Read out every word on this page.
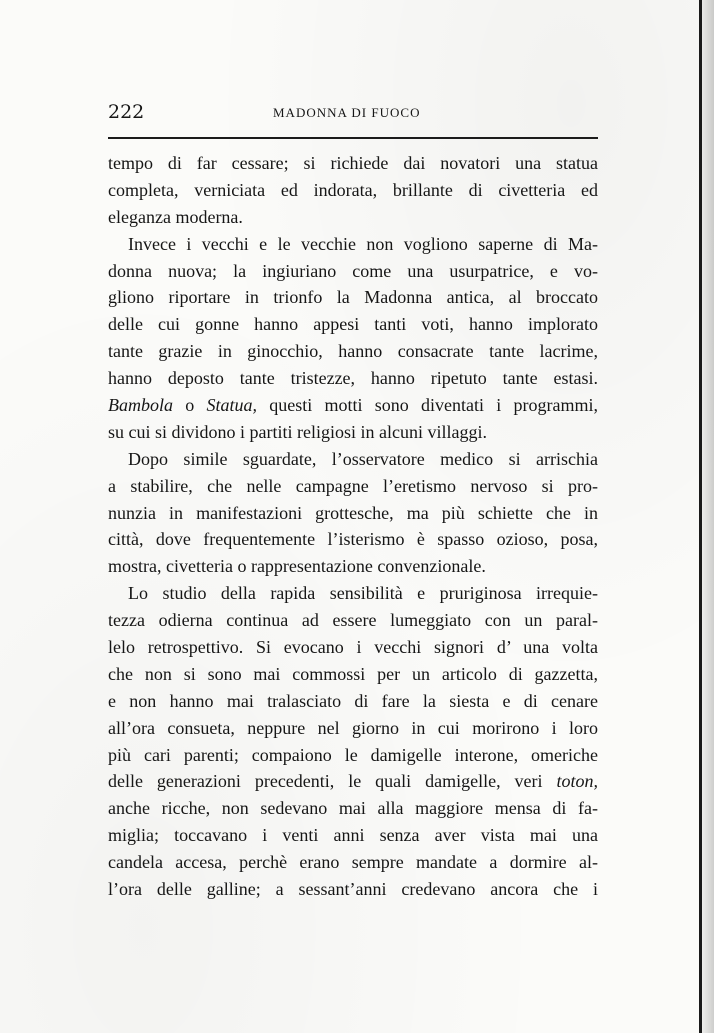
222	MADONNA DI FUOCO
tempo di far cessare; si richiede dai novatori una statua
completa, verniciata ed indorata, brillante di civetteria ed
eleganza moderna.
Invece i vecchi e le vecchie non vogliono saperne di Ma-
donna nuova; la ingiuriano come una usurpatrice, e vo-
gliono riportare in trionfo la Madonna antica, al broccato
delle cui gonne hanno appesi tanti voti, hanno implorato
tante grazie in ginocchio, hanno consacrate tante lacrime,
hanno deposto tante tristezze, hanno ripetuto tante estasi.
Bambola o Statua, questi motti sono diventati i programmi,
su cui si dividono i partiti religiosi in alcuni villaggi.
Dopo simile sguardate, l’osservatore medico si arrischia
a stabilire, che nelle campagne l’eretismo nervoso si pro-
nunzia in manifestazioni grottesche, ma più schiette che in
città, dove frequentemente l’isterismo è spasso ozioso, posa,
mostra, civetteria o rappresentazione convenzionale.
Lo studio della rapida sensibilità e pruriginosa irrequie-
tezza odierna continua ad essere lumeggiato con un paral-
lelo retrospettivo. Si evocano i vecchi signori d’ una volta
che non si sono mai commossi per un articolo di gazzetta,
e non hanno mai tralasciato di fare la siesta e di cenare
all’ora consueta, neppure nel giorno in cui morirono i loro
più cari parenti; compaiono le damigelle interone, omeriche
delle generazioni precedenti, le quali damigelle, veri toton,
anche ricche, non sedevano mai alla maggiore mensa di fa-
miglia; toccavano i venti anni senza aver vista mai una
candela accesa, perchè erano sempre mandate a dormire al-
l’ora delle galline; a sessant’anni credevano ancora che i
